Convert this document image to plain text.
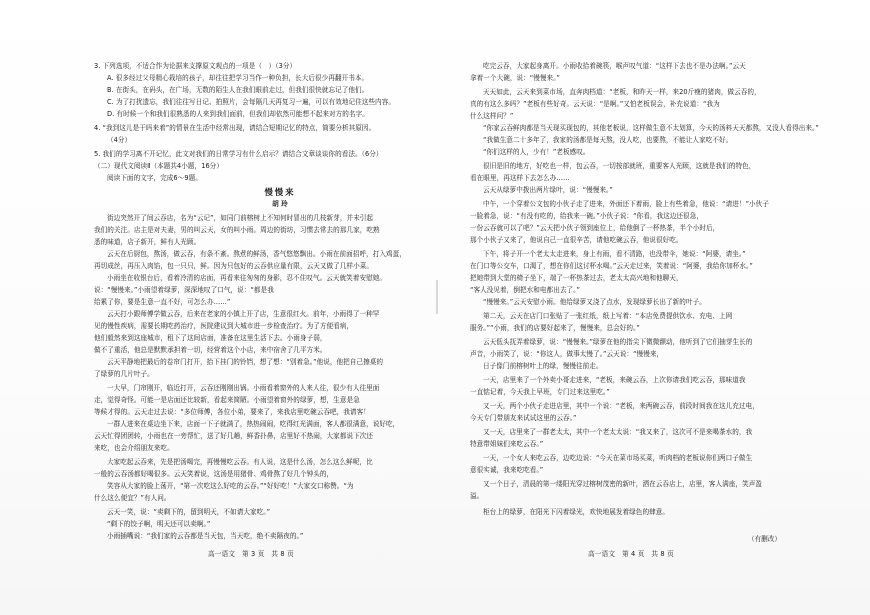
3. 下列选项，不适合作为论据来支撑原文观点的一项是（　）（3分）
A. 很多经过父母精心栽培的孩子，却往往把学习当作一种负担，长大后很少再翻开书本。
B. 在街头，在码头，在广场，无数的陌生人在我们眼前走过，但我们很快就忘记了他们。
C. 为了打扰遗忘，我们往往写日记、拍照片，会每隔几天再复习一遍，可以有效地记住这些内容。
D. 有时候一个和我们很熟悉的人来到我们面前，但我们却依然可能想不起来对方的名字。
4. “我到这儿是干吗来着”的情景在生活中经常出现，请结合短期记忆的特点，简要分析其原因。
（4分）
5. 我们的学习离不开记忆，此文对我们的日常学习有什么启示？请结合文章谈谈你的看法。（6分）
（二）现代文阅读Ⅱ（本题共4小题，16分）
阅读下面的文字，完成6～9题。
慢慢来
胡 玲
街边突然开了间云吞店，名为“云记”，如同门前榕树上不知何时冒出的几枝新芽，并未引起
我们的关注。店主是对夫妻，男的叫云天，女的叫小雨。周边的街坊，习惯去常去的那几家，吃熟
悉的味道，店子新开，鲜有人光顾。
云天在后厨包，熬汤，做云吞，有条不紊。熬煮的鲜汤，香气悠悠飘出。小雨在前面招呼，打入鸡蛋，
再切成丝，再压入肉馅，包一只只，鲜。因为只包好的云吞供应量有限，云天又做了几样小菜。
小雨坐在收银台后，看着冷清的店面，再看来往匆匆的身影，忍不住叹气。云天就笑着安慰她。
说：“慢慢来。”小雨望着绿萝，深深地叹了口气，说：“都是我
给累了你，要是生意一直不好，可怎么办……”
云天打小跟师傅学做云吞，后来在老家的小镇上开了店，生意很红火。前年，小雨得了一种罕
见的慢性疾病，需要长期吃药治疗，医院建议到大城市进一步检查治疗。为了方便看病，
他们毅然来到这座城市，租下了这间店面，准备在这里生活下去。小雨身子弱，
做不了重活，他总是默默承担着一切，经营着这个小店，来中宿舍了几平方米。
云天平静地把最后的卷帘门打开，抬下挂门的铃铛，想了想：“别着急。”他说，他把自己擦桌的
了绿萝的几片叶子。
一大早，门帘刚开，临近打开，云吞还刚刚出锅。小雨看着窗外的人来人往，很少有人往里面
走，觉得奇怪。可能一是店面还比较新，看起来简陋。小雨望着窗外的绿萝，想，生意是急
等候才得的。云天走过去说：“多位师傅，各位小弟，要来了，来我店里吃碗云吞吧，我请客！
一群人进来在桌边坐下来，店面一下子就满了，热热闹闹，吃得红光满面，客人都很满意，说好吃，
云天忙得团团转，小雨也在一旁帮忙，送了好几趟，鲜香扑鼻，店里好不热闹，大家都说下次还
来吃，也会介绍朋友来吃。
大家吃起云吞来，先是把汤喝完，再慢慢吃云吞。有人说，这是什么汤，怎么这么鲜呢，比
一般的云吞汤都好喝很多。云天笑着说，这汤是用猪骨、鸡骨熬了好几个钟头的，
笑容从大家的脸上荡开，“第一次吃这么好吃的云吞。”“好好吃！”大家交口称赞。“为
什么这么便宜？”有人问。
云天一笑，说：“卖剩下的，留到明天，不如请大家吃。”
“剩下的饺子啊，明天还可以卖啊。”
小雨插嘴说：“我们家的云吞都是当天包，当天吃，绝不卖隔夜的。”
吃完云吞，大家起身离开。小雨收拾着碗筷，喉声叹气道：“这样下去也不是办法啊。”云天
拿着一个大碗，说：“慢慢来。”
天天如此，云天来到菜市场，直奔肉档道：“老板，和昨天一样，来20斤瘦的猪肉，做云吞的，
真的有这么多吗？”老板有些好奇。云天说：“是啊。”又怕老板误会，补充说道：“我为
什么这样问？”
“你家云吞鲜肉都是当天现买现包的，其他老板说，这样做生意不太划算，今天的汤料天天都熬，又没人看得出来。”
“我做生意二十多年了，我家的汤都是每天熬，没人吃，也要熬，不能让人家吃不好。
“你们这样的人，少有！”老板感叹。
很旧是旧的地方，好吃也一样，包云吞，一切按部就班，重要客人光顾，这就是我们的特色，
看在眼里，再这样下去怎么办……
云天从绿萝中拨出两片绿叶，说：“慢慢来。”
中午，一个穿着公文包的小伙子走了进来，外面还下着雨，脸上有些着急，他说：“请进！”小伙子
一脸着急，说：“有没有吃的，给我来一碗。”小伙子说：“你看，我这边还很急，
一份云吞就可以了吧？”云天把小伙子领到座位上，给他倒了一杯热茶，半个小时后，
那个小伙子又来了，他说自己一直很辛苦，请他吃碗云吞，他说很好吃。
下午，将子开一个老太太走进来，身上有雨，看不清路，也没带伞，她说：“阿婆，请坐。”
在门口等公交车，口渴了，想在你们这讨杯水喝。”云天走过来，笑着说：“阿婆，我给你加杯水。”
把她带到大堂的椅子坐下，端了一杯热茶过去，老太太高兴地和他聊天，
“客人没见着，倒把水和电都出去了。”
“慢慢来。”云天安慰小雨。他给绿萝又浇了点水，发现绿萝长出了新的叶子。
第二天，云天在店门口张贴了一张红纸，纸上写着：“本店免费提供饮水、充电、上网
服务。”“小雨，我们的店要好起来了，慢慢来，总会好的。”
云天低头抚弄着绿萝，说：“慢慢来。”绿萝在他的指尖下微微颤动，他听到了它们抽芽生长的
声音，小雨笑了，说：“你这人，做事太慢了。”云天说：“慢慢来，
日子像门前榕树叶上的绿，慢慢往前走。
一天，店里来了一个外卖小哥走进来，“老板，来碗云吞，上次你请我们吃云吞，那味道我
一直惦记着，今天我上早班，专门过来这里吃。”
又一天，两个小伙子走进店里，其中一个说：“老板，来两碗云吞，前段时间我在这儿充过电，
今天专门带朋友来试试这里的云吞。”
又一天，店里来了一群老太太，其中一个老太太说：“我又来了，这次可不是来喝茶水的，我
特意带姐妹们来吃云吞。”
一天，一个女人来吃云吞，边吃边说：“今天在菜市场买菜，听肉档的老板说你们两口子做生
意很实诚，我来吃吃看。”
又一个日子，清晨的第一缕阳光穿过榕树茂密的新叶，洒在云吞店上，店里，客人满座，笑声盈
溢。
柜台上的绿萝，在阳光下闪着绿光，欢快地展发着绿色的肆意。
（有删改）
高一语文　第 3 页　共 8 页	高一语文　第 4 页　共 8 页
